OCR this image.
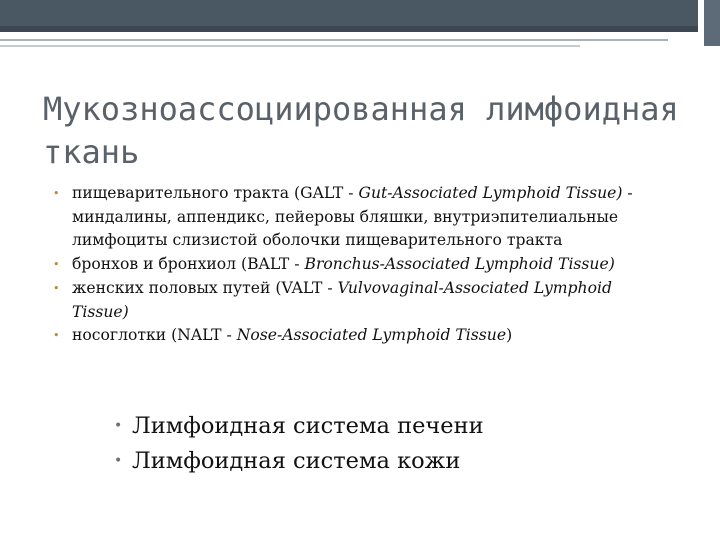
Мукозноассоциированная лимфоидная ткань
• пищеварительного тракта (GALT - Gut-Associated Lymphoid Tissue) - миндалины, аппендикс, пейеровы бляшки, внутриэпителиальные лимфоциты слизистой оболочки пищеварительного тракта
• бронхов и бронхиол (BALT - Bronchus-Associated Lymphoid Tissue)
• женских половых путей (VALT - Vulvovaginal-Associated Lymphoid Tissue)
• носоглотки (NALT - Nose-Associated Lymphoid Tissue)
• Лимфоидная система печени
• Лимфоидная система кожи
